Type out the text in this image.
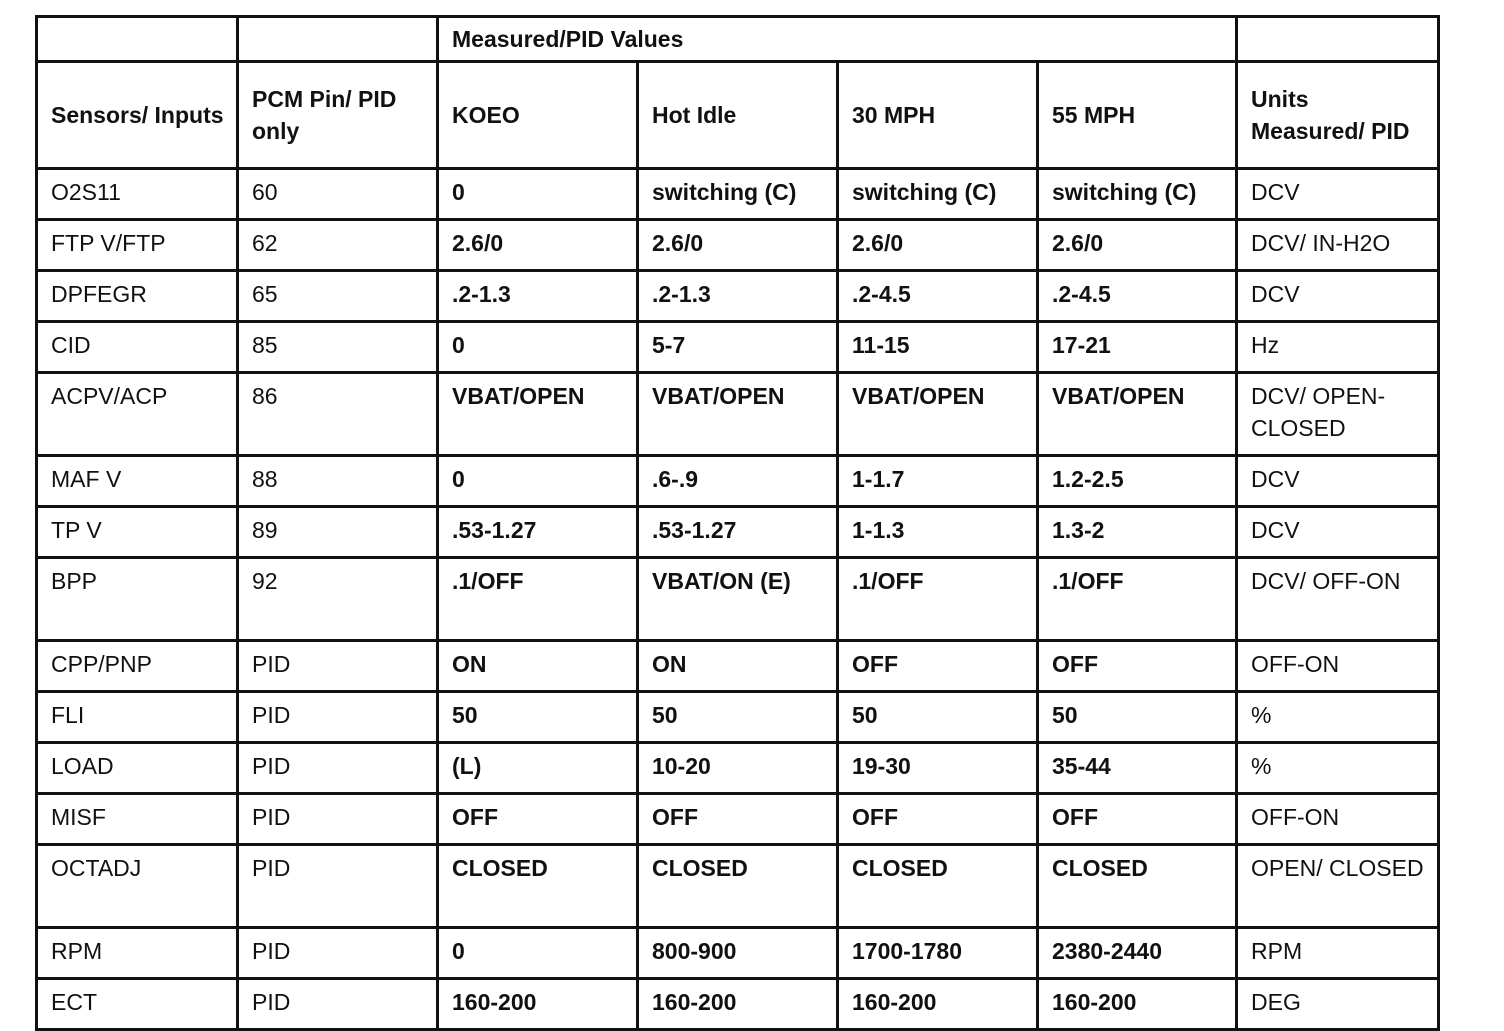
		Measured/PID Values				
Sensors/ Inputs	PCM Pin/ PID only	KOEO	Hot Idle	30 MPH	55 MPH	Units Measured/ PID
O2S11	60	0	switching (C)	switching (C)	switching (C)	DCV
FTP V/FTP	62	2.6/0	2.6/0	2.6/0	2.6/0	DCV/ IN-H2O
DPFEGR	65	.2-1.3	.2-1.3	.2-4.5	.2-4.5	DCV
CID	85	0	5-7	11-15	17-21	Hz
ACPV/ACP	86	VBAT/OPEN	VBAT/OPEN	VBAT/OPEN	VBAT/OPEN	DCV/ OPEN-CLOSED
MAF V	88	0	.6-.9	1-1.7	1.2-2.5	DCV
TP V	89	.53-1.27	.53-1.27	1-1.3	1.3-2	DCV
BPP	92	.1/OFF	VBAT/ON (E)	.1/OFF	.1/OFF	DCV/ OFF-ON
CPP/PNP	PID	ON	ON	OFF	OFF	OFF-ON
FLI	PID	50	50	50	50	%
LOAD	PID	(L)	10-20	19-30	35-44	%
MISF	PID	OFF	OFF	OFF	OFF	OFF-ON
OCTADJ	PID	CLOSED	CLOSED	CLOSED	CLOSED	OPEN/ CLOSED
RPM	PID	0	800-900	1700-1780	2380-2440	RPM
ECT	PID	160-200	160-200	160-200	160-200	DEG
